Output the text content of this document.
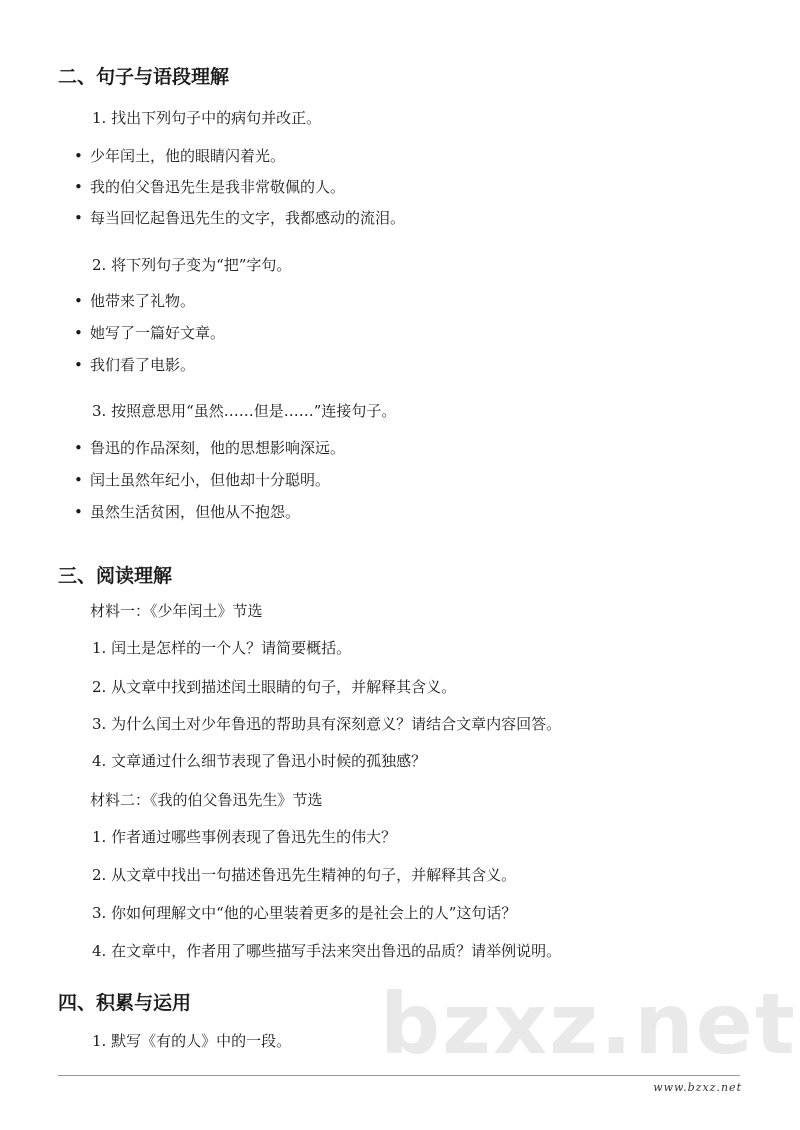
二、句子与语段理解
1. 找出下列句子中的病句并改正。
• 少年闰土，他的眼睛闪着光。
• 我的伯父鲁迅先生是我非常敬佩的人。
• 每当回忆起鲁迅先生的文字，我都感动的流泪。
2. 将下列句子变为“把”字句。
• 他带来了礼物。
• 她写了一篇好文章。
• 我们看了电影。
3. 按照意思用“虽然……但是……”连接句子。
• 鲁迅的作品深刻，他的思想影响深远。
• 闰土虽然年纪小，但他却十分聪明。
• 虽然生活贫困，但他从不抱怨。
三、阅读理解
材料一：《少年闰土》节选
1. 闰土是怎样的一个人？请简要概括。
2. 从文章中找到描述闰土眼睛的句子，并解释其含义。
3. 为什么闰土对少年鲁迅的帮助具有深刻意义？请结合文章内容回答。
4. 文章通过什么细节表现了鲁迅小时候的孤独感？
材料二：《我的伯父鲁迅先生》节选
1. 作者通过哪些事例表现了鲁迅先生的伟大？
2. 从文章中找出一句描述鲁迅先生精神的句子，并解释其含义。
3. 你如何理解文中“他的心里装着更多的是社会上的人”这句话？
4. 在文章中，作者用了哪些描写手法来突出鲁迅的品质？请举例说明。
四、积累与运用
1. 默写《有的人》中的一段。 bzxz.net
www.bzxz.net
